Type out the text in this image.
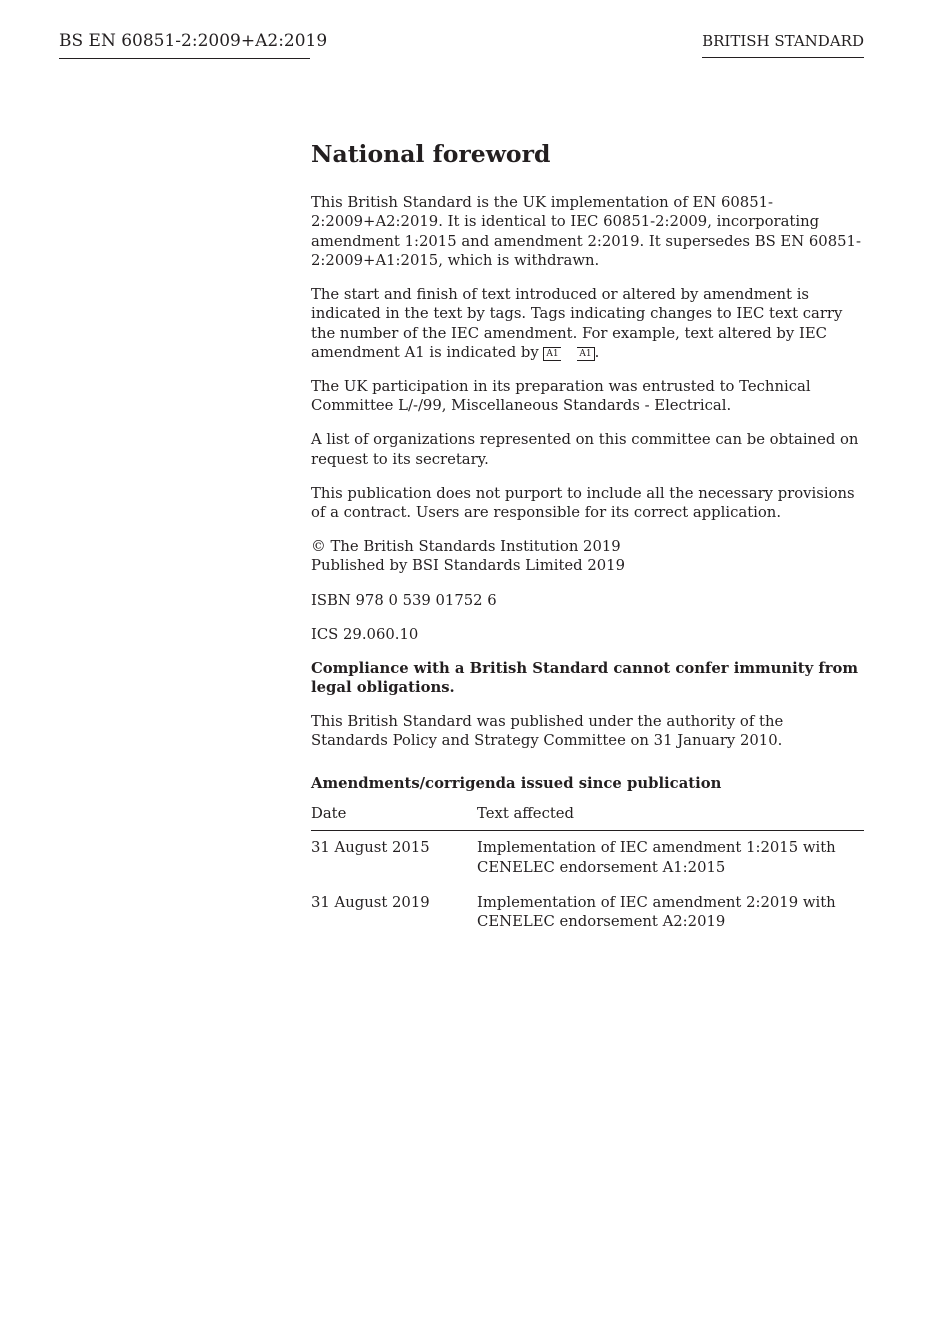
BS EN 60851-2:2009+A2:2019	BRITISH STANDARD
National foreword

This British Standard is the UK implementation of EN 60851-2:2009+A2:2019. It is identical to IEC 60851-2:2009, incorporating amendment 1:2015 and amendment 2:2019. It supersedes BS EN 60851-2:2009+A1:2015, which is withdrawn.

The start and finish of text introduced or altered by amendment is indicated in the text by tags. Tags indicating changes to IEC text carry the number of the IEC amendment. For example, text altered by IEC amendment A1 is indicated by A1 A1 .

The UK participation in its preparation was entrusted to Technical Committee L/-/99, Miscellaneous Standards - Electrical.

A list of organizations represented on this committee can be obtained on request to its secretary.

This publication does not purport to include all the necessary provisions of a contract. Users are responsible for its correct application.

© The British Standards Institution 2019
Published by BSI Standards Limited 2019

ISBN 978 0 539 01752 6

ICS 29.060.10

Compliance with a British Standard cannot confer immunity from legal obligations.

This British Standard was published under the authority of the Standards Policy and Strategy Committee on 31 January 2010.

Amendments/corrigenda issued since publication
Date	Text affected
31 August 2015	Implementation of IEC amendment 1:2015 with CENELEC endorsement A1:2015
31 August 2019	Implementation of IEC amendment 2:2019 with CENELEC endorsement A2:2019
